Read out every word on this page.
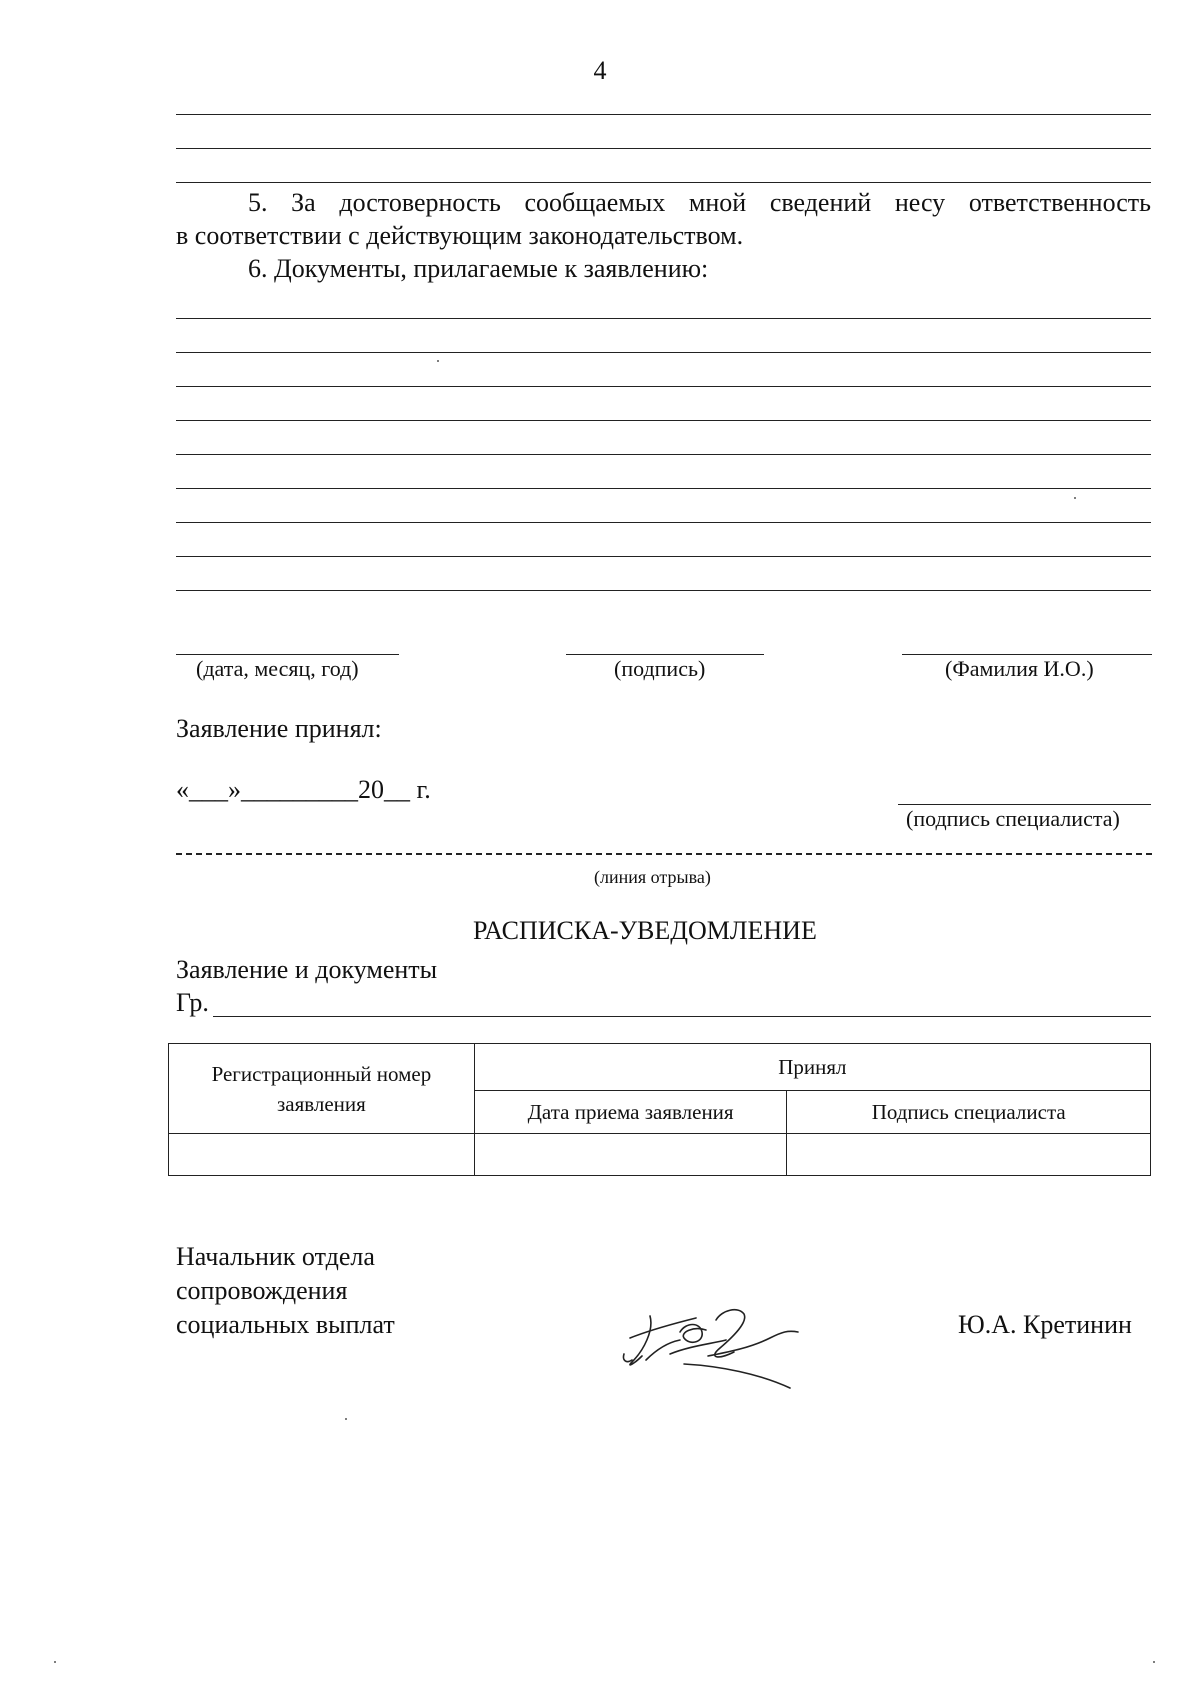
4
5. За достоверность сообщаемых мной сведений несу ответственность
в соответствии с действующим законодательством.
6. Документы, прилагаемые к заявлению:
(дата, месяц, год)	(подпись)	(Фамилия И.О.)
Заявление принял:
«___»_________20__ г.
(подпись специалиста)
(линия отрыва)
РАСПИСКА-УВЕДОМЛЕНИЕ
Заявление и документы
Гр.
Регистрационный номер заявления	Принял	
	Дата приема заявления	Подпись специалиста

Начальник отдела
сопровождения
социальных выплат	Ю.А. Кретинин
